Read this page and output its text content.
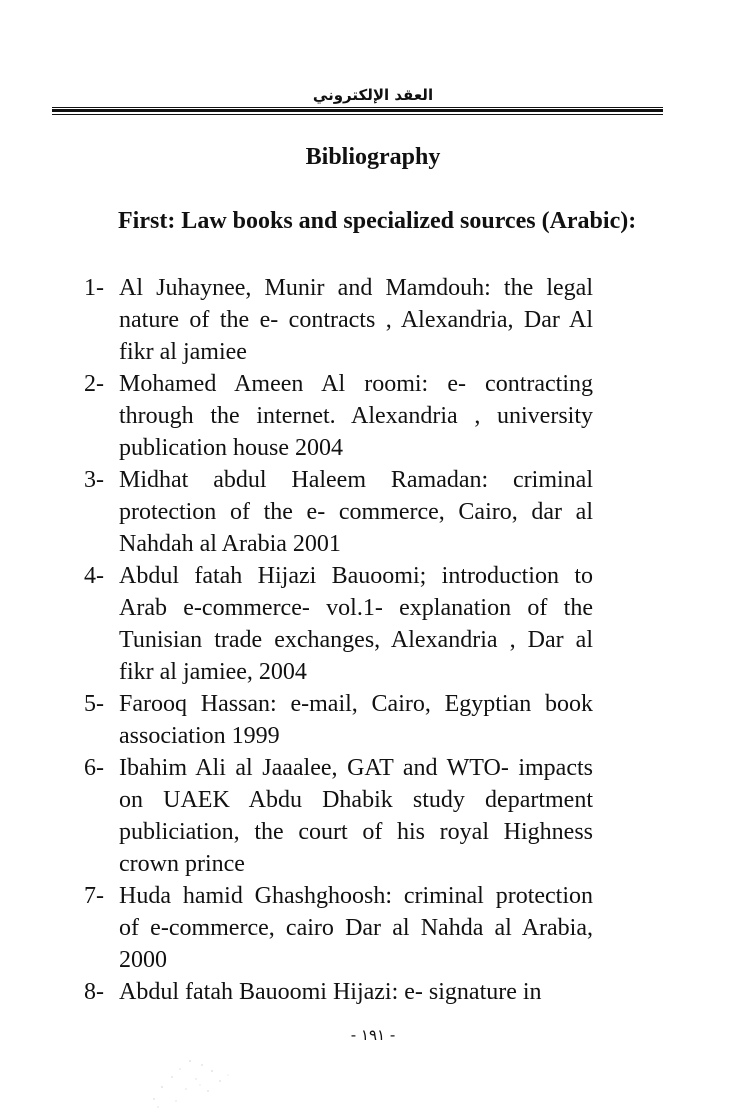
العقد الإلكتروني
Bibliography
First: Law books and specialized sources (Arabic):
1- Al Juhaynee, Munir and Mamdouh: the legal
nature of the e- contracts , Alexandria, Dar Al
fikr al jamiee
2- Mohamed Ameen Al roomi: e- contracting
through the internet. Alexandria , university
publication house 2004
3- Midhat abdul Haleem Ramadan: criminal
protection of the e- commerce, Cairo, dar al
Nahdah al Arabia 2001
4- Abdul fatah Hijazi Bauoomi; introduction to
Arab e-commerce- vol.1- explanation of the
Tunisian trade exchanges, Alexandria , Dar al
fikr al jamiee, 2004
5- Farooq Hassan: e-mail, Cairo, Egyptian book
association 1999
6- Ibahim Ali al Jaaalee, GAT and WTO- impacts
on UAEK Abdu Dhabik study department
publiciation, the court of his royal Highness
crown prince
7- Huda hamid Ghashghoosh: criminal protection
of e-commerce, cairo Dar al Nahda al Arabia,
2000
8- Abdul fatah Bauoomi Hijazi: e- signature in
- ١٩١ -
